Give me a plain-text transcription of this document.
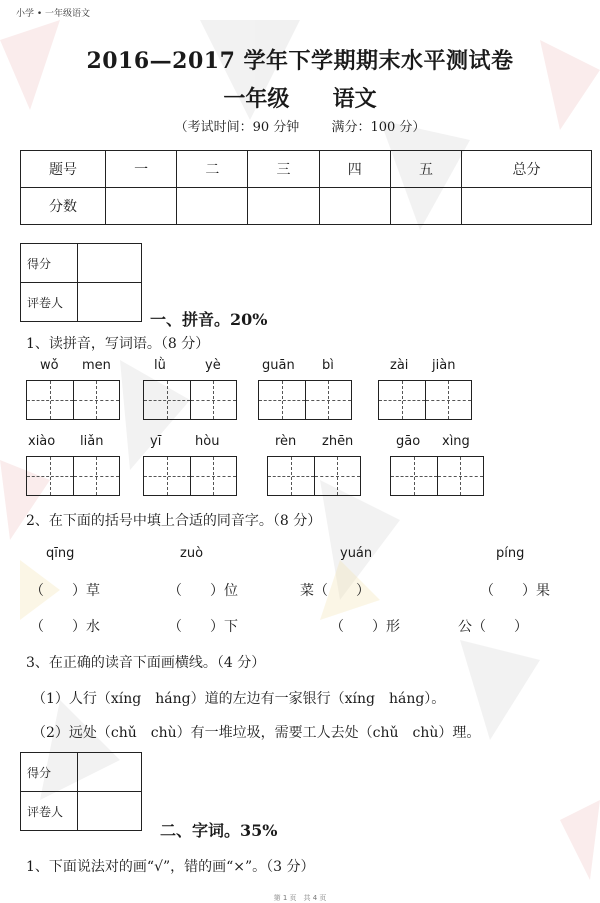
小学 • 一年级语文
2016—2017 学年下学期期末水平测试卷
一年级 语文
（考试时间：90 分钟 满分：100 分）
题号	一	二	三	四	五	总分
分数						
得分	
评卷人	
一、拼音。20%
1、读拼音，写词语。（8 分）
wǒ men	lǜ	yè	guān bì	zài jiàn
xiào liǎn	yī	hòu	rèn zhēn	gāo xìng
2、在下面的括号中填上合适的同音字。（8 分）
qīng	zuò	yuán	píng
（　　）草	（　　）位	菜（　　）	（　　）果
（　　）水	（　　）下	（　　）形	公（　　）
3、在正确的读音下面画横线。（4 分）
（1）人行（xíng　háng）道的左边有一家银行（xíng　háng）。
（2）远处（chǔ　chù）有一堆垃圾，需要工人去处（chǔ　chù）理。
得分	
评卷人	
二、字词。35%
1、下面说法对的画“√”，错的画“×”。（3 分）
第 1 页　共 4 页
